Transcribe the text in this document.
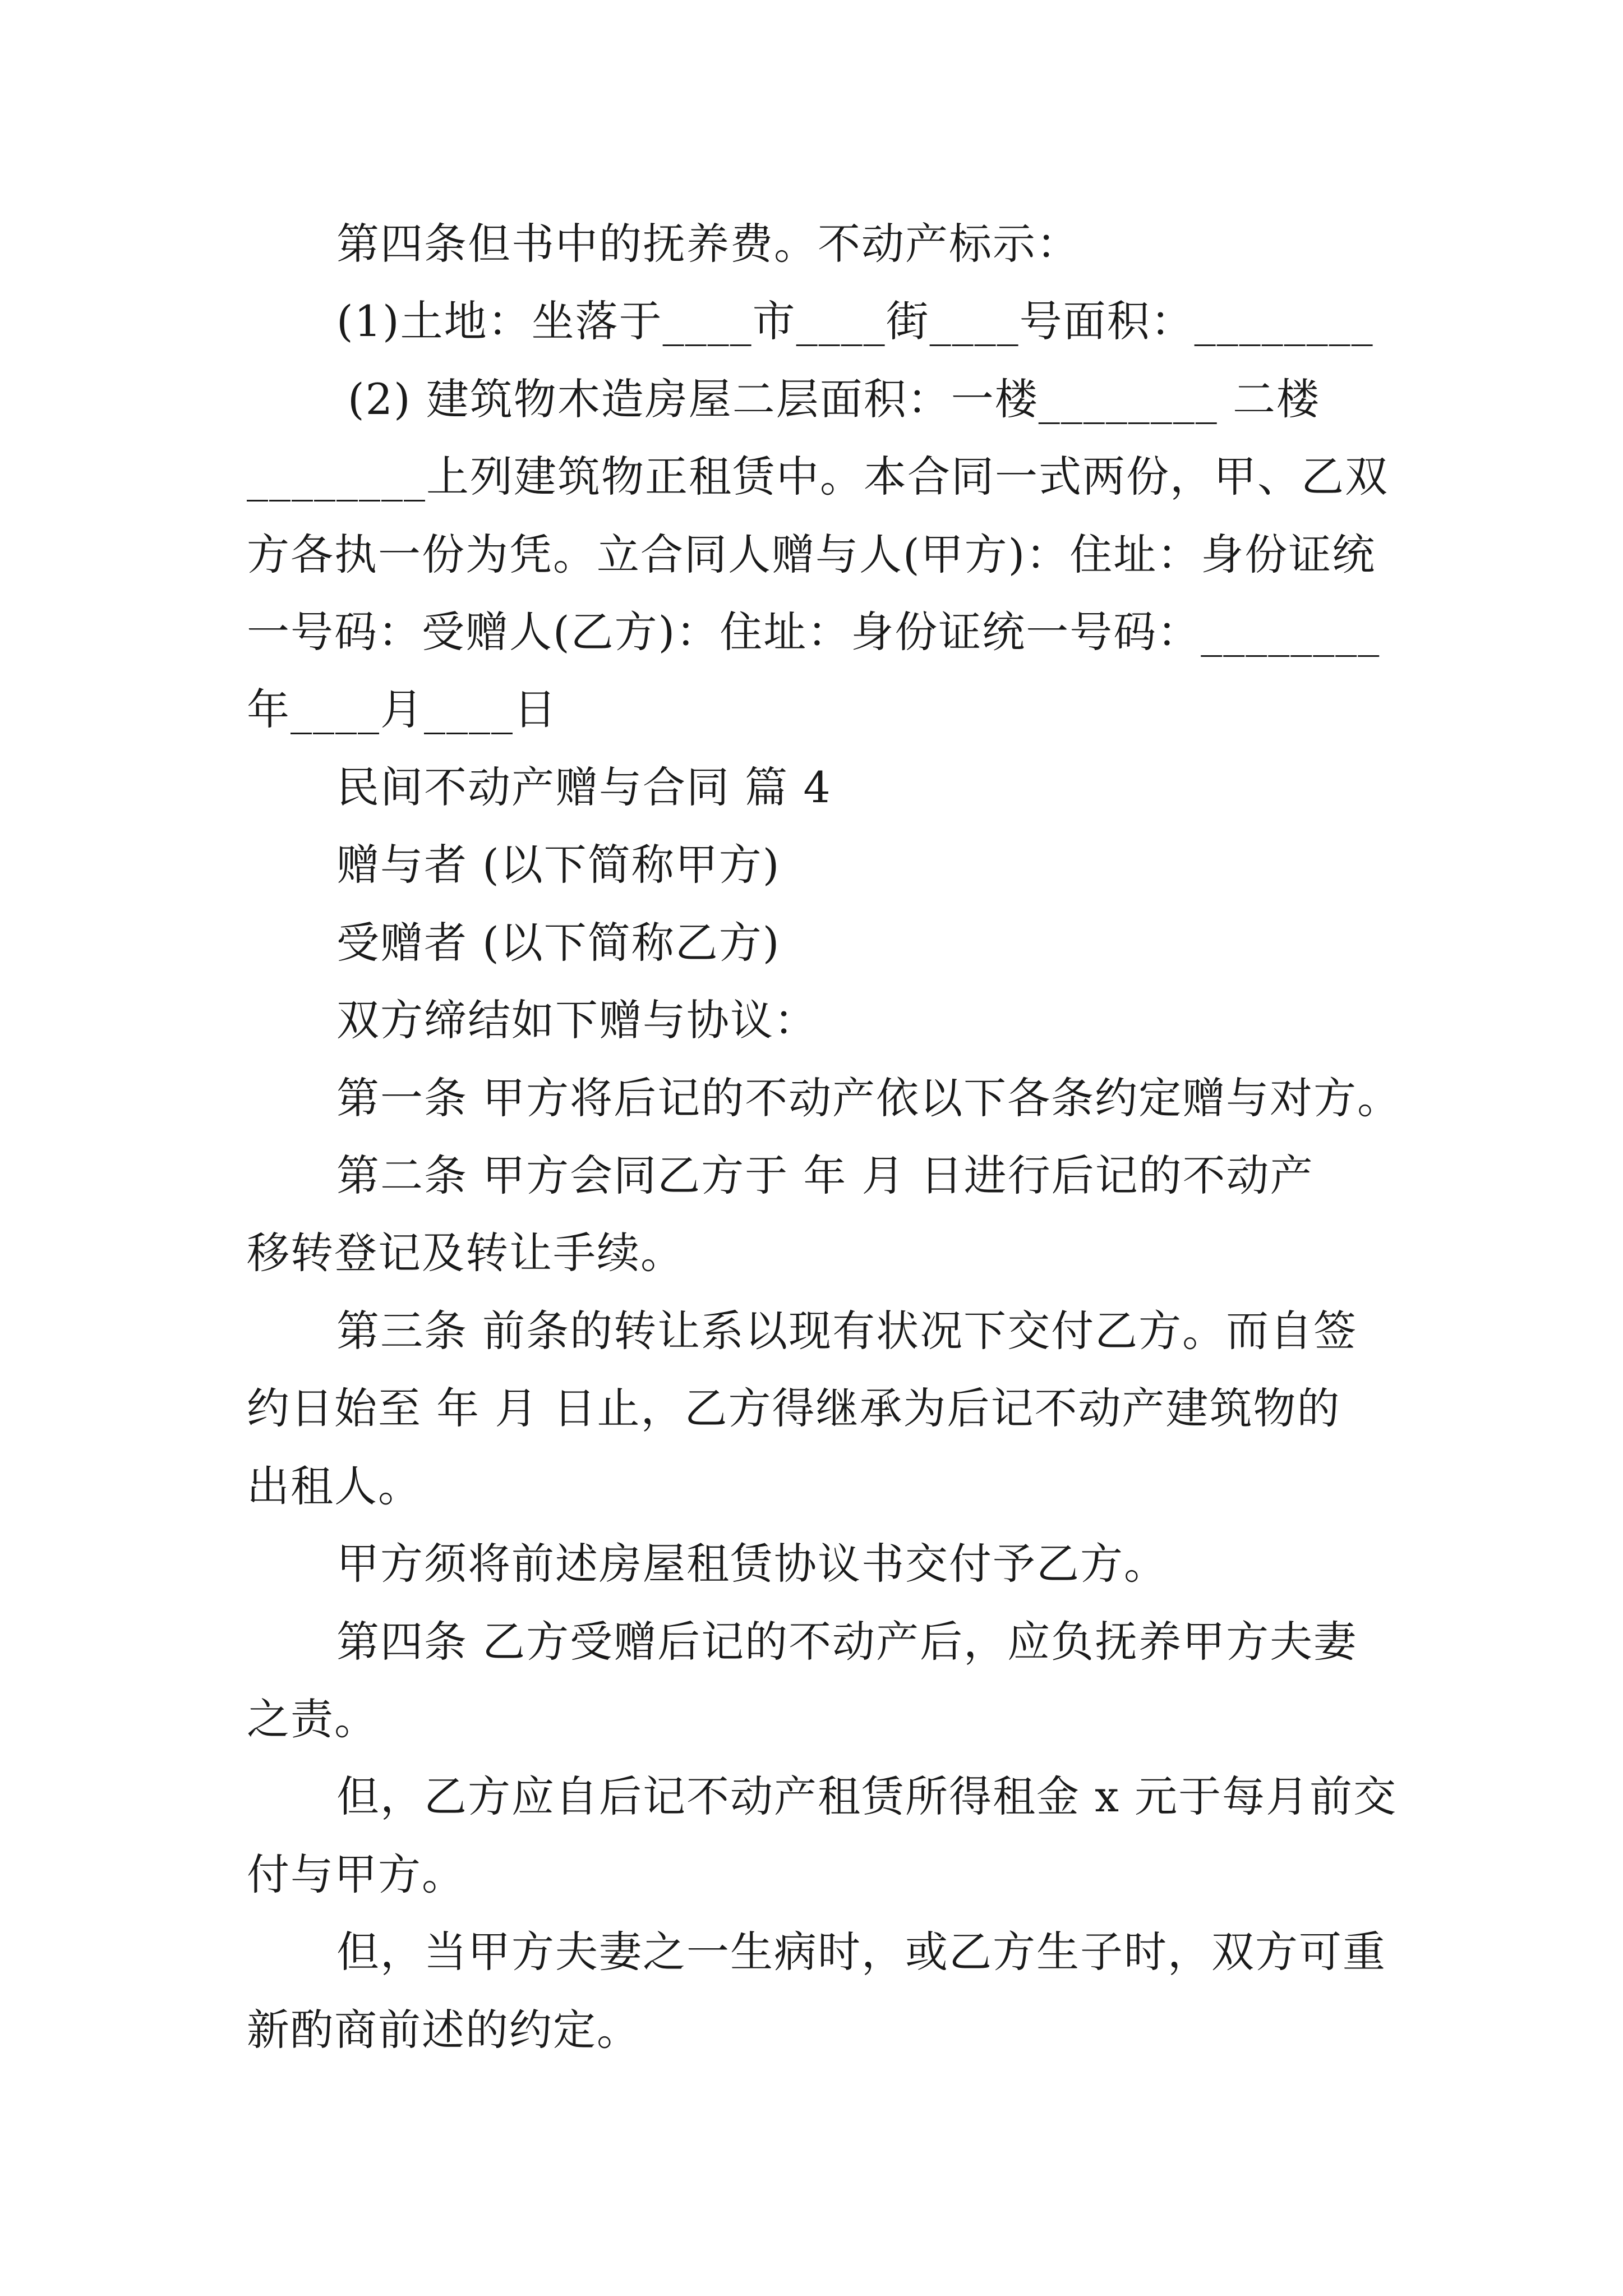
第四条但书中的抚养费。不动产标示：
(1)土地：坐落于____市____街____号面积：________
(2) 建筑物木造房屋二层面积：一楼________ 二楼
________上列建筑物正租赁中。本合同一式两份，甲、乙双
方各执一份为凭。立合同人赠与人(甲方)：住址：身份证统
一号码：受赠人(乙方)：住址：身份证统一号码：________
年____月____日
民间不动产赠与合同 篇 4
赠与者 (以下简称甲方)
受赠者 (以下简称乙方)
双方缔结如下赠与协议：
第一条 甲方将后记的不动产依以下各条约定赠与对方。
第二条 甲方会同乙方于 年 月 日进行后记的不动产
移转登记及转让手续。
第三条 前条的转让系以现有状况下交付乙方。而自签
约日始至 年 月 日止，乙方得继承为后记不动产建筑物的
出租人。
甲方须将前述房屋租赁协议书交付予乙方。
第四条 乙方受赠后记的不动产后，应负抚养甲方夫妻
之责。
但，乙方应自后记不动产租赁所得租金 x 元于每月前交
付与甲方。
但，当甲方夫妻之一生病时，或乙方生子时，双方可重
新酌商前述的约定。
